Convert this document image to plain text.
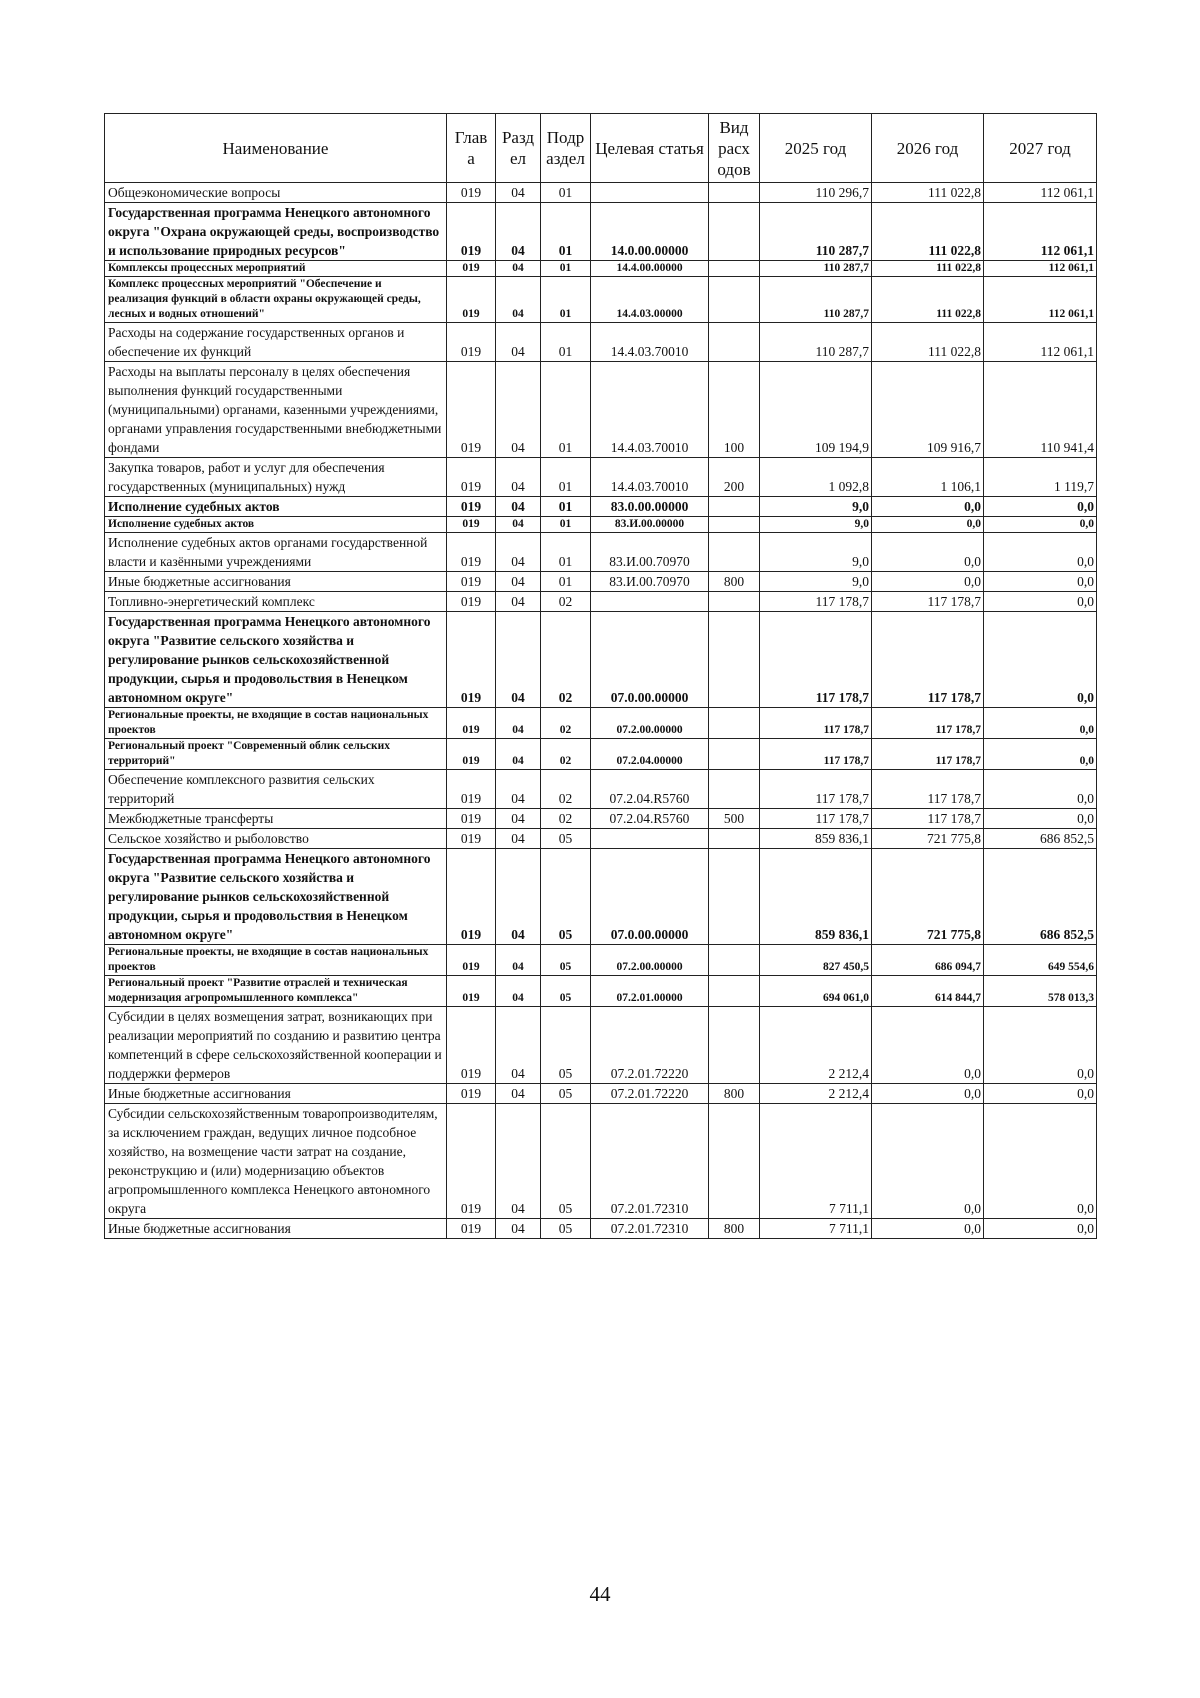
Наименование	Глав а	Разд ел	Подр аздел	Целевая статья	Вид расх одов	2025 год	2026 год	2027 год
Общеэкономические вопросы	019	04	01			110 296,7	111 022,8	112 061,1
Государственная программа Ненецкого автономного округа "Охрана окружающей среды, воспроизводство и использование природных ресурсов"	019	04	01	14.0.00.00000		110 287,7	111 022,8	112 061,1
Комплексы процессных мероприятий	019	04	01	14.4.00.00000		110 287,7	111 022,8	112 061,1
Комплекс процессных мероприятий "Обеспечение и реализация функций в области охраны окружающей среды, лесных и водных отношений"	019	04	01	14.4.03.00000		110 287,7	111 022,8	112 061,1
Расходы на содержание государственных органов и обеспечение их функций	019	04	01	14.4.03.70010		110 287,7	111 022,8	112 061,1
Расходы на выплаты персоналу в целях обеспечения выполнения функций государственными (муниципальными) органами, казенными учреждениями, органами управления государственными внебюджетными фондами	019	04	01	14.4.03.70010	100	109 194,9	109 916,7	110 941,4
Закупка товаров, работ и услуг для обеспечения государственных (муниципальных) нужд	019	04	01	14.4.03.70010	200	1 092,8	1 106,1	1 119,7
Исполнение судебных актов	019	04	01	83.0.00.00000		9,0	0,0	0,0
Исполнение судебных актов	019	04	01	83.И.00.00000		9,0	0,0	0,0
Исполнение судебных актов органами государственной власти и казёнными учреждениями	019	04	01	83.И.00.70970		9,0	0,0	0,0
Иные бюджетные ассигнования	019	04	01	83.И.00.70970	800	9,0	0,0	0,0
Топливно-энергетический комплекс	019	04	02			117 178,7	117 178,7	0,0
Государственная программа Ненецкого автономного округа "Развитие сельского хозяйства и регулирование рынков сельскохозяйственной продукции, сырья и продовольствия в Ненецком автономном округе"	019	04	02	07.0.00.00000		117 178,7	117 178,7	0,0
Региональные проекты, не входящие в состав национальных проектов	019	04	02	07.2.00.00000		117 178,7	117 178,7	0,0
Региональный проект "Современный облик сельских территорий"	019	04	02	07.2.04.00000		117 178,7	117 178,7	0,0
Обеспечение комплексного развития сельских территорий	019	04	02	07.2.04.R5760		117 178,7	117 178,7	0,0
Межбюджетные трансферты	019	04	02	07.2.04.R5760	500	117 178,7	117 178,7	0,0
Сельское хозяйство и рыболовство	019	04	05			859 836,1	721 775,8	686 852,5
Государственная программа Ненецкого автономного округа "Развитие сельского хозяйства и регулирование рынков сельскохозяйственной продукции, сырья и продовольствия в Ненецком автономном округе"	019	04	05	07.0.00.00000		859 836,1	721 775,8	686 852,5
Региональные проекты, не входящие в состав национальных проектов	019	04	05	07.2.00.00000		827 450,5	686 094,7	649 554,6
Региональный проект "Развитие отраслей и техническая модернизация агропромышленного комплекса"	019	04	05	07.2.01.00000		694 061,0	614 844,7	578 013,3
Субсидии в целях возмещения затрат, возникающих при реализации мероприятий по созданию и развитию центра компетенций в сфере сельскохозяйственной кооперации и поддержки фермеров	019	04	05	07.2.01.72220		2 212,4	0,0	0,0
Иные бюджетные ассигнования	019	04	05	07.2.01.72220	800	2 212,4	0,0	0,0
Субсидии сельскохозяйственным товаропроизводителям, за исключением граждан, ведущих личное подсобное хозяйство, на возмещение части затрат на создание, реконструкцию и (или) модернизацию объектов агропромышленного комплекса Ненецкого автономного округа	019	04	05	07.2.01.72310		7 711,1	0,0	0,0
Иные бюджетные ассигнования	019	04	05	07.2.01.72310	800	7 711,1	0,0	0,0
44
